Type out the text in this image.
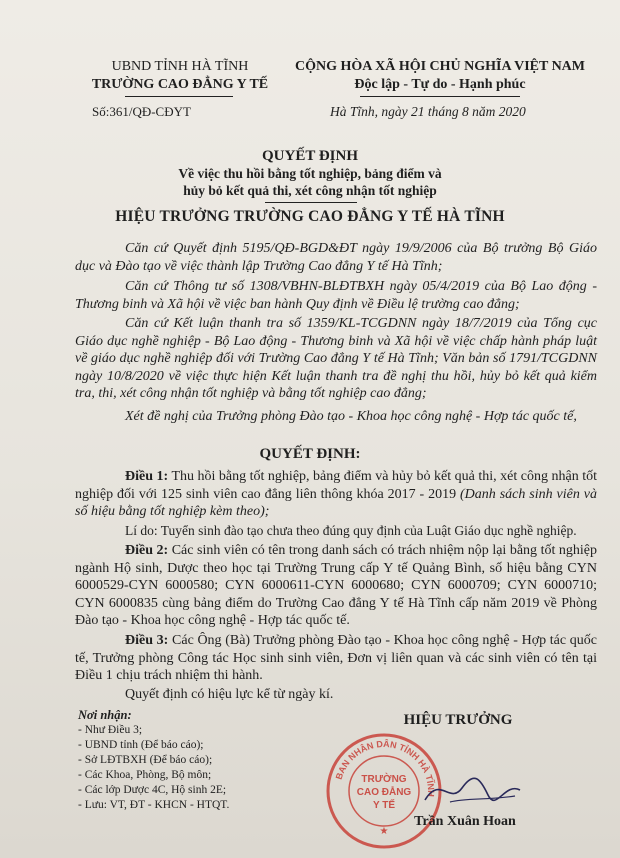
UBND TỈNH HÀ TĨNH
TRƯỜNG CAO ĐẲNG Y TẾ
Số:361/QĐ-CĐYT
CỘNG HÒA XÃ HỘI CHỦ NGHĨA VIỆT NAM
Độc lập - Tự do - Hạnh phúc
Hà Tĩnh, ngày 21 tháng 8 năm 2020
QUYẾT ĐỊNH
Về việc thu hồi bằng tốt nghiệp, bảng điểm và
hủy bỏ kết quả thi, xét công nhận tốt nghiệp
HIỆU TRƯỞNG TRƯỜNG CAO ĐẲNG Y TẾ HÀ TĨNH
Căn cứ Quyết định 5195/QĐ-BGD&ĐT ngày 19/9/2006 của Bộ trưởng Bộ Giáo dục và Đào tạo về việc thành lập Trường Cao đẳng Y tế Hà Tĩnh;
Căn cứ Thông tư số 1308/VBHN-BLĐTBXH ngày 05/4/2019 của Bộ Lao động - Thương binh và Xã hội về việc ban hành Quy định về Điều lệ trường cao đẳng;
Căn cứ Kết luận thanh tra số 1359/KL-TCGDNN ngày 18/7/2019 của Tổng cục Giáo dục nghề nghiệp - Bộ Lao động - Thương binh và Xã hội về việc chấp hành pháp luật về giáo dục nghề nghiệp đối với Trường Cao đẳng Y tế Hà Tĩnh; Văn bản số 1791/TCGDNN ngày 10/8/2020 về việc thực hiện Kết luận thanh tra đề nghị thu hồi, hủy bỏ kết quả kiểm tra, thi, xét công nhận tốt nghiệp và bằng tốt nghiệp cao đẳng;
Xét đề nghị của Trưởng phòng Đào tạo - Khoa học công nghệ - Hợp tác quốc tế,
QUYẾT ĐỊNH:
Điều 1: Thu hồi bằng tốt nghiệp, bảng điểm và hủy bỏ kết quả thi, xét công nhận tốt nghiệp đối với 125 sinh viên cao đẳng liên thông khóa 2017 - 2019 (Danh sách sinh viên và số hiệu bằng tốt nghiệp kèm theo);
Lí do: Tuyển sinh đào tạo chưa theo đúng quy định của Luật Giáo dục nghề nghiệp.
Điều 2: Các sinh viên có tên trong danh sách có trách nhiệm nộp lại bằng tốt nghiệp ngành Hộ sinh, Dược theo học tại Trường Trung cấp Y tế Quảng Bình, số hiệu bằng CYN 6000529-CYN 6000580; CYN 6000611-CYN 6000680; CYN 6000709; CYN 6000710; CYN 6000835 cùng bảng điểm do Trường Cao đẳng Y tế Hà Tĩnh cấp năm 2019 về Phòng Đào tạo - Khoa học công nghệ - Hợp tác quốc tế.
Điều 3: Các Ông (Bà) Trưởng phòng Đào tạo - Khoa học công nghệ - Hợp tác quốc tế, Trưởng phòng Công tác Học sinh sinh viên, Đơn vị liên quan và các sinh viên có tên tại Điều 1 chịu trách nhiệm thi hành.
Quyết định có hiệu lực kể từ ngày kí.
Nơi nhận:
- Như Điều 3;
- UBND tỉnh (Để báo cáo);
- Sở LĐTBXH (Để báo cáo);
- Các Khoa, Phòng, Bộ môn;
- Các lớp Dược 4C, Hộ sinh 2E;
- Lưu: VT, ĐT - KHCN - HTQT.
HIỆU TRƯỞNG
BAN NHÂN DÂN TỈNH HÀ TĨNH
TRƯỜNG
CAO ĐẲNG
Y TẾ
★
Trần Xuân Hoan
